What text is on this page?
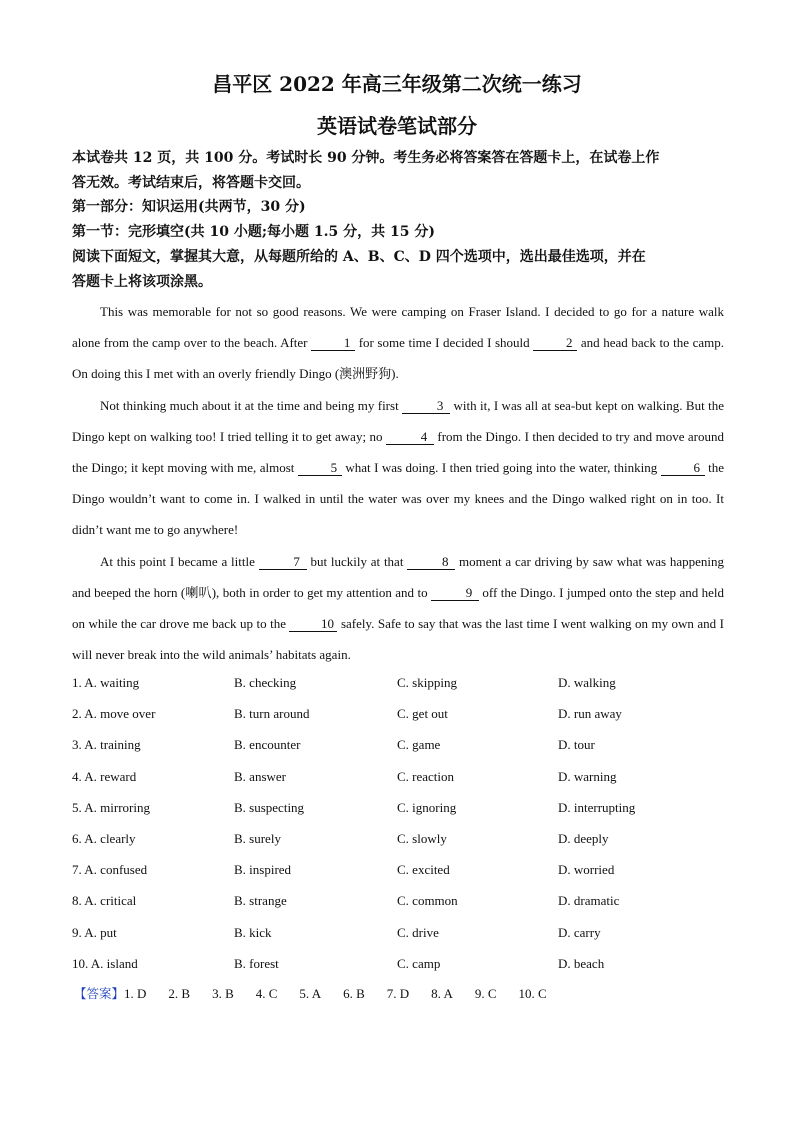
昌平区 2022 年高三年级第二次统一练习
英语试卷笔试部分

本试卷共 12 页，共 100 分。考试时长 90 分钟。考生务必将答案答在答题卡上，在试卷上作

答无效。考试结束后，将答题卡交回。

第一部分：知识运用(共两节，30 分)

第一节：完形填空(共 10 小题;每小题 1.5 分，共 15 分)

阅读下面短文，掌握其大意，从每题所给的 A、B、C、D 四个选项中，选出最佳选项，并在

答题卡上将该项涂黑。

This was memorable for not so good reasons. We were camping on Fraser Island. I decided to go for a nature walk alone from the camp over to the beach. After	1 for some time I decided I should	2 and head back to the camp. On doing this I met with an overly friendly Dingo (澳洲野狗).

Not thinking much about it at the time and being my first	3 with it, I was all at sea-but kept on walking. But the Dingo kept on walking too! I tried telling it to get away; no	4 from the Dingo. I then decided to try and move around the Dingo; it kept moving with me, almost	5 what I was doing. I then tried going into the water, thinking	6 the Dingo wouldn’t want to come in. I walked in until the water was over my knees and the Dingo walked right on in too. It didn’t want me to go anywhere!

At this point I became a little	7 but luckily at that	8 moment a car driving by saw what was happening and beeped the horn (喇叭), both in order to get my attention and to	9 off the Dingo. I jumped onto the step and held on while the car drove me back up to the	10 safely. Safe to say that was the last time I went walking on my own and I will never break into the wild animals’ habitats again.

1. A. waiting	B. checking	C. skipping	D. walking
2. A. move over	B. turn around	C. get out	D. run away
3. A. training	B. encounter	C. game	D. tour
4. A. reward	B. answer	C. reaction	D. warning
5. A. mirroring	B. suspecting	C. ignoring	D. interrupting
6. A. clearly	B. surely	C. slowly	D. deeply
7. A. confused	B. inspired	C. excited	D. worried
8. A. critical	B. strange	C. common	D. dramatic
9. A. put	B. kick	C. drive	D. carry
10. A. island	B. forest	C. camp	D. beach
【答案】1. D 2. B 3. B 4. C 5. A 6. B 7. D 8. A 9. C 10. C
